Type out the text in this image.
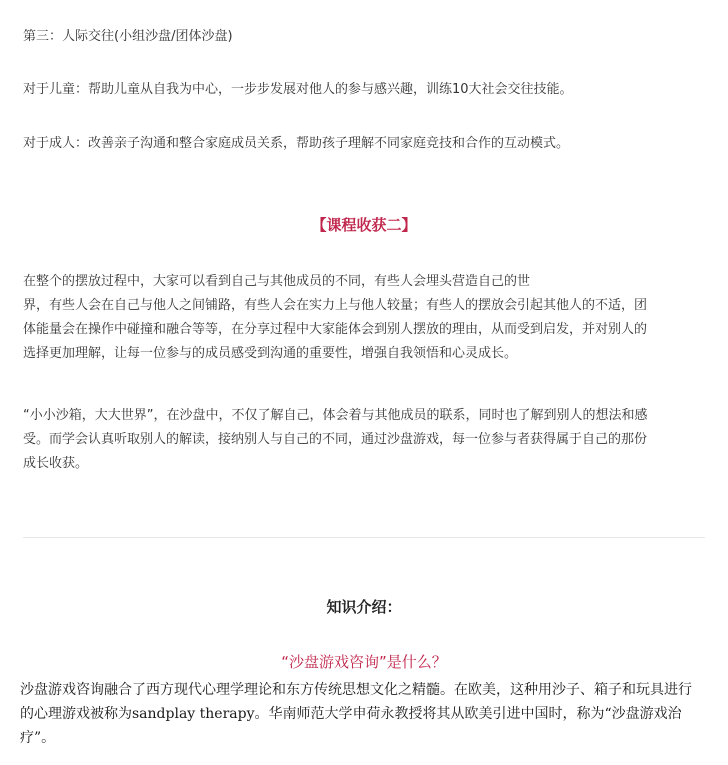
第三：人际交往(小组沙盘/团体沙盘)
对于儿童：帮助儿童从自我为中心，一步步发展对他人的参与感兴趣，训练10大社会交往技能。
对于成人：改善亲子沟通和整合家庭成员关系，帮助孩子理解不同家庭竞技和合作的互动模式。
【课程收获二】
在整个的摆放过程中，大家可以看到自己与其他成员的不同，有些人会埋头营造自己的世
界，有些人会在自己与他人之间铺路，有些人会在实力上与他人较量；有些人的摆放会引起其他人的不适，团
体能量会在操作中碰撞和融合等等，在分享过程中大家能体会到别人摆放的理由，从而受到启发，并对别人的
选择更加理解，让每一位参与的成员感受到沟通的重要性，增强自我领悟和心灵成长。
“小小沙箱，大大世界”，在沙盘中，不仅了解自己，体会着与其他成员的联系，同时也了解到别人的想法和感
受。而学会认真听取别人的解读，接纳别人与自己的不同，通过沙盘游戏，每一位参与者获得属于自己的那份
成长收获。
知识介绍：
“沙盘游戏咨询”是什么？
沙盘游戏咨询融合了西方现代心理学理论和东方传统思想文化之精髓。在欧美，这种用沙子、箱子和玩具进行
的心理游戏被称为sandplay therapy。华南师范大学申荷永教授将其从欧美引进中国时，称为“沙盘游戏治
疗”。
